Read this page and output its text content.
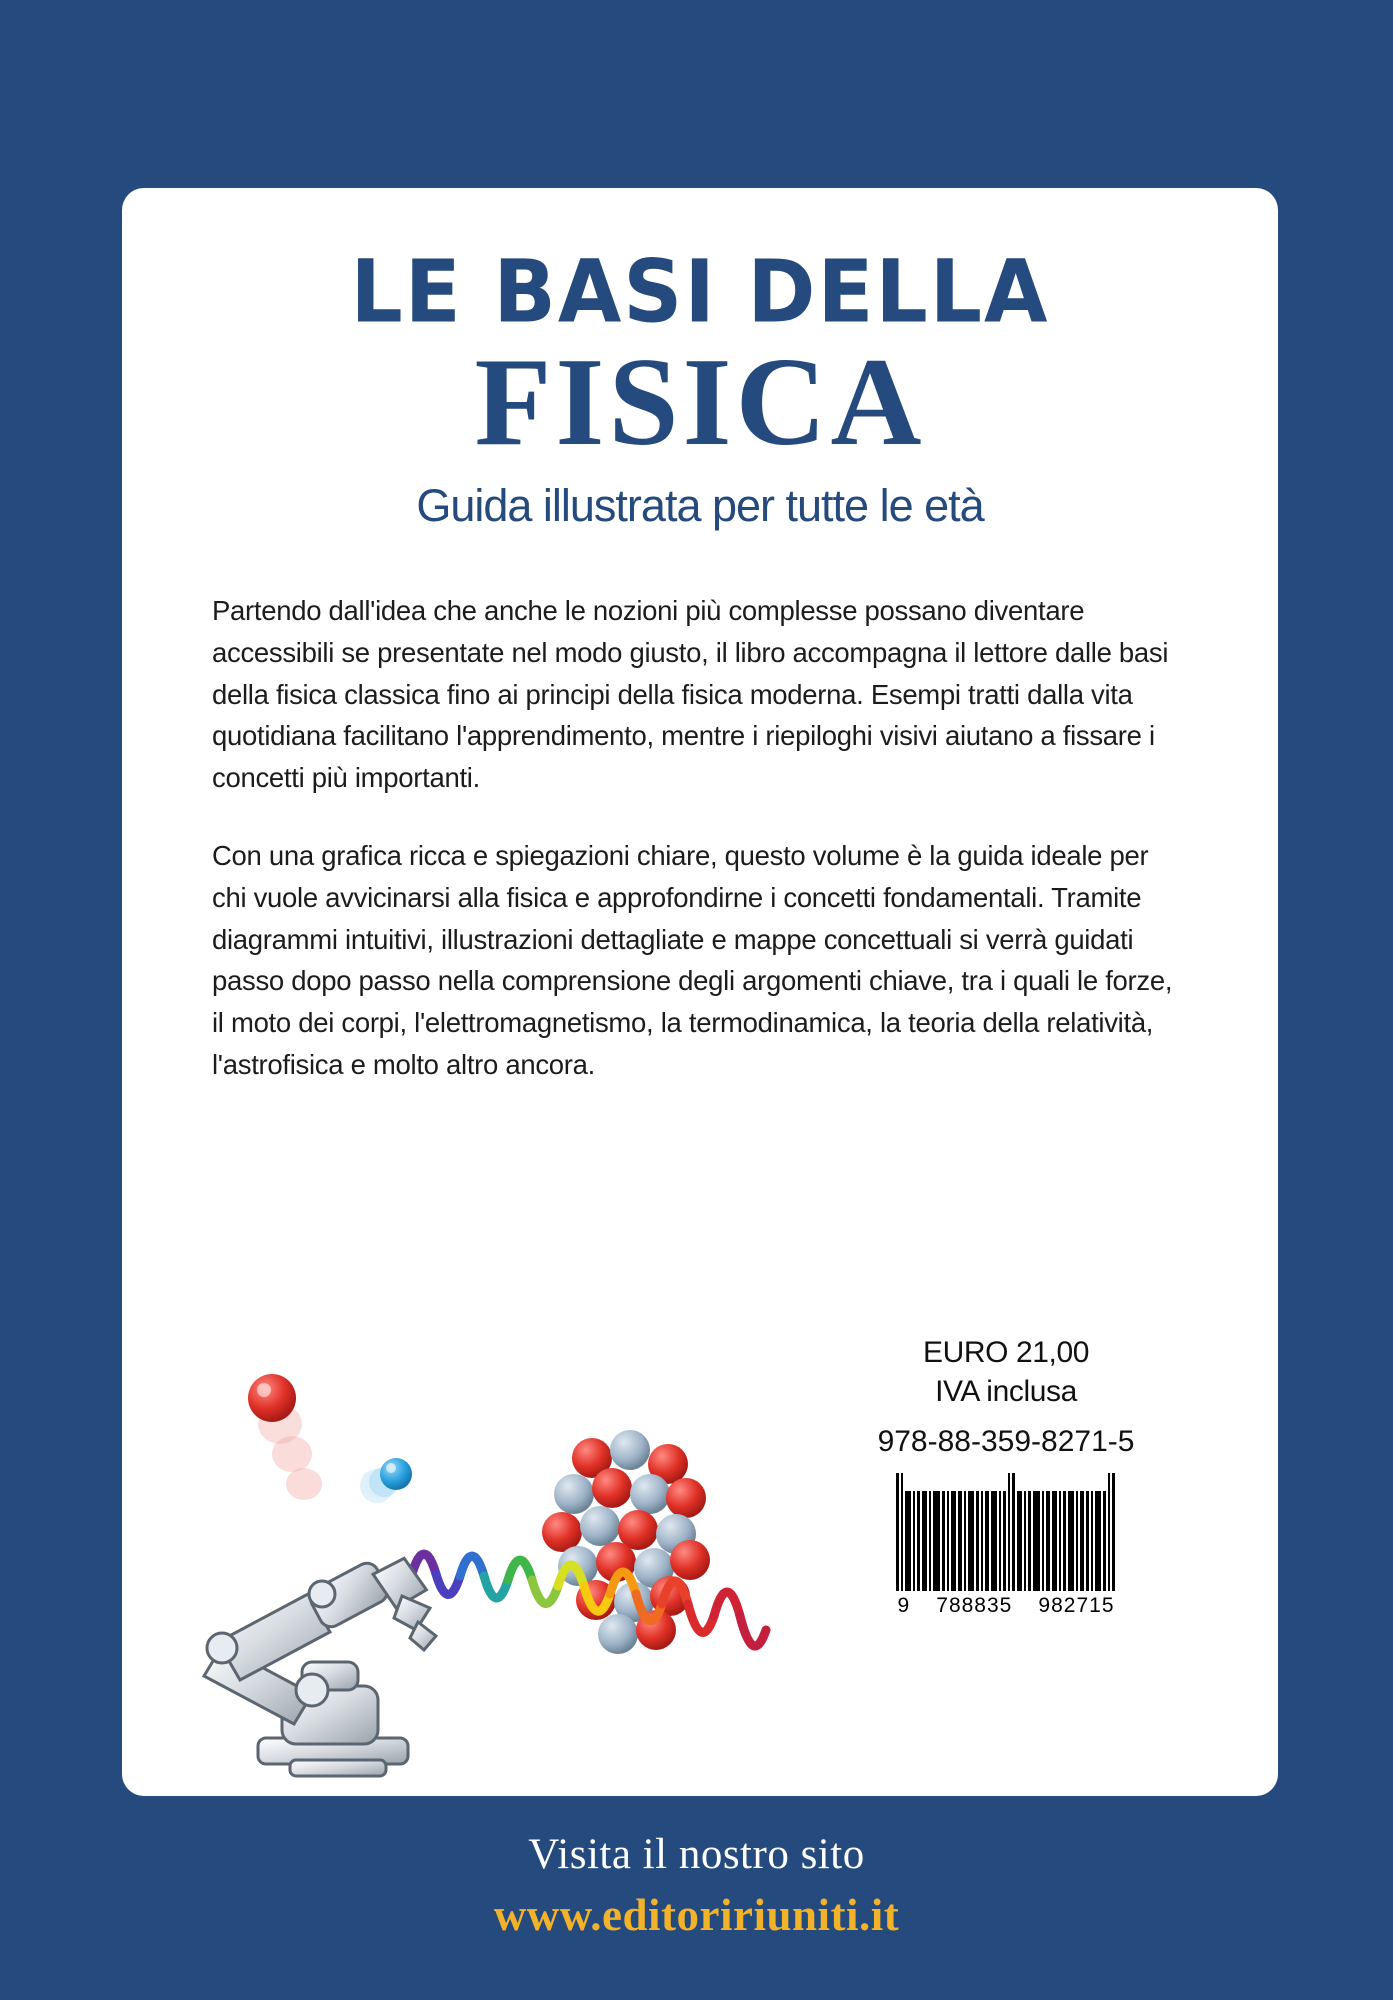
LE BASI DELLA
FISICA
Guida illustrata per tutte le età

Partendo dall'idea che anche le nozioni più complesse possano diventare accessibili se presentate nel modo giusto, il libro accompagna il lettore dalle basi della fisica classica fino ai principi della fisica moderna. Esempi tratti dalla vita quotidiana facilitano l'apprendimento, mentre i riepiloghi visivi aiutano a fissare i concetti più importanti.

Con una grafica ricca e spiegazioni chiare, questo volume è la guida ideale per chi vuole avvicinarsi alla fisica e approfondirne i concetti fondamentali. Tramite diagrammi intuitivi, illustrazioni dettagliate e mappe concettuali si verrà guidati passo dopo passo nella comprensione degli argomenti chiave, tra i quali le forze, il moto dei corpi, l'elettromagnetismo, la termodinamica, la teoria della relatività, l'astrofisica e molto altro ancora.

EURO 21,00
IVA inclusa
978-88-359-8271-5
9 788835 982715
Visita il nostro sito
www.editoririuniti.it
